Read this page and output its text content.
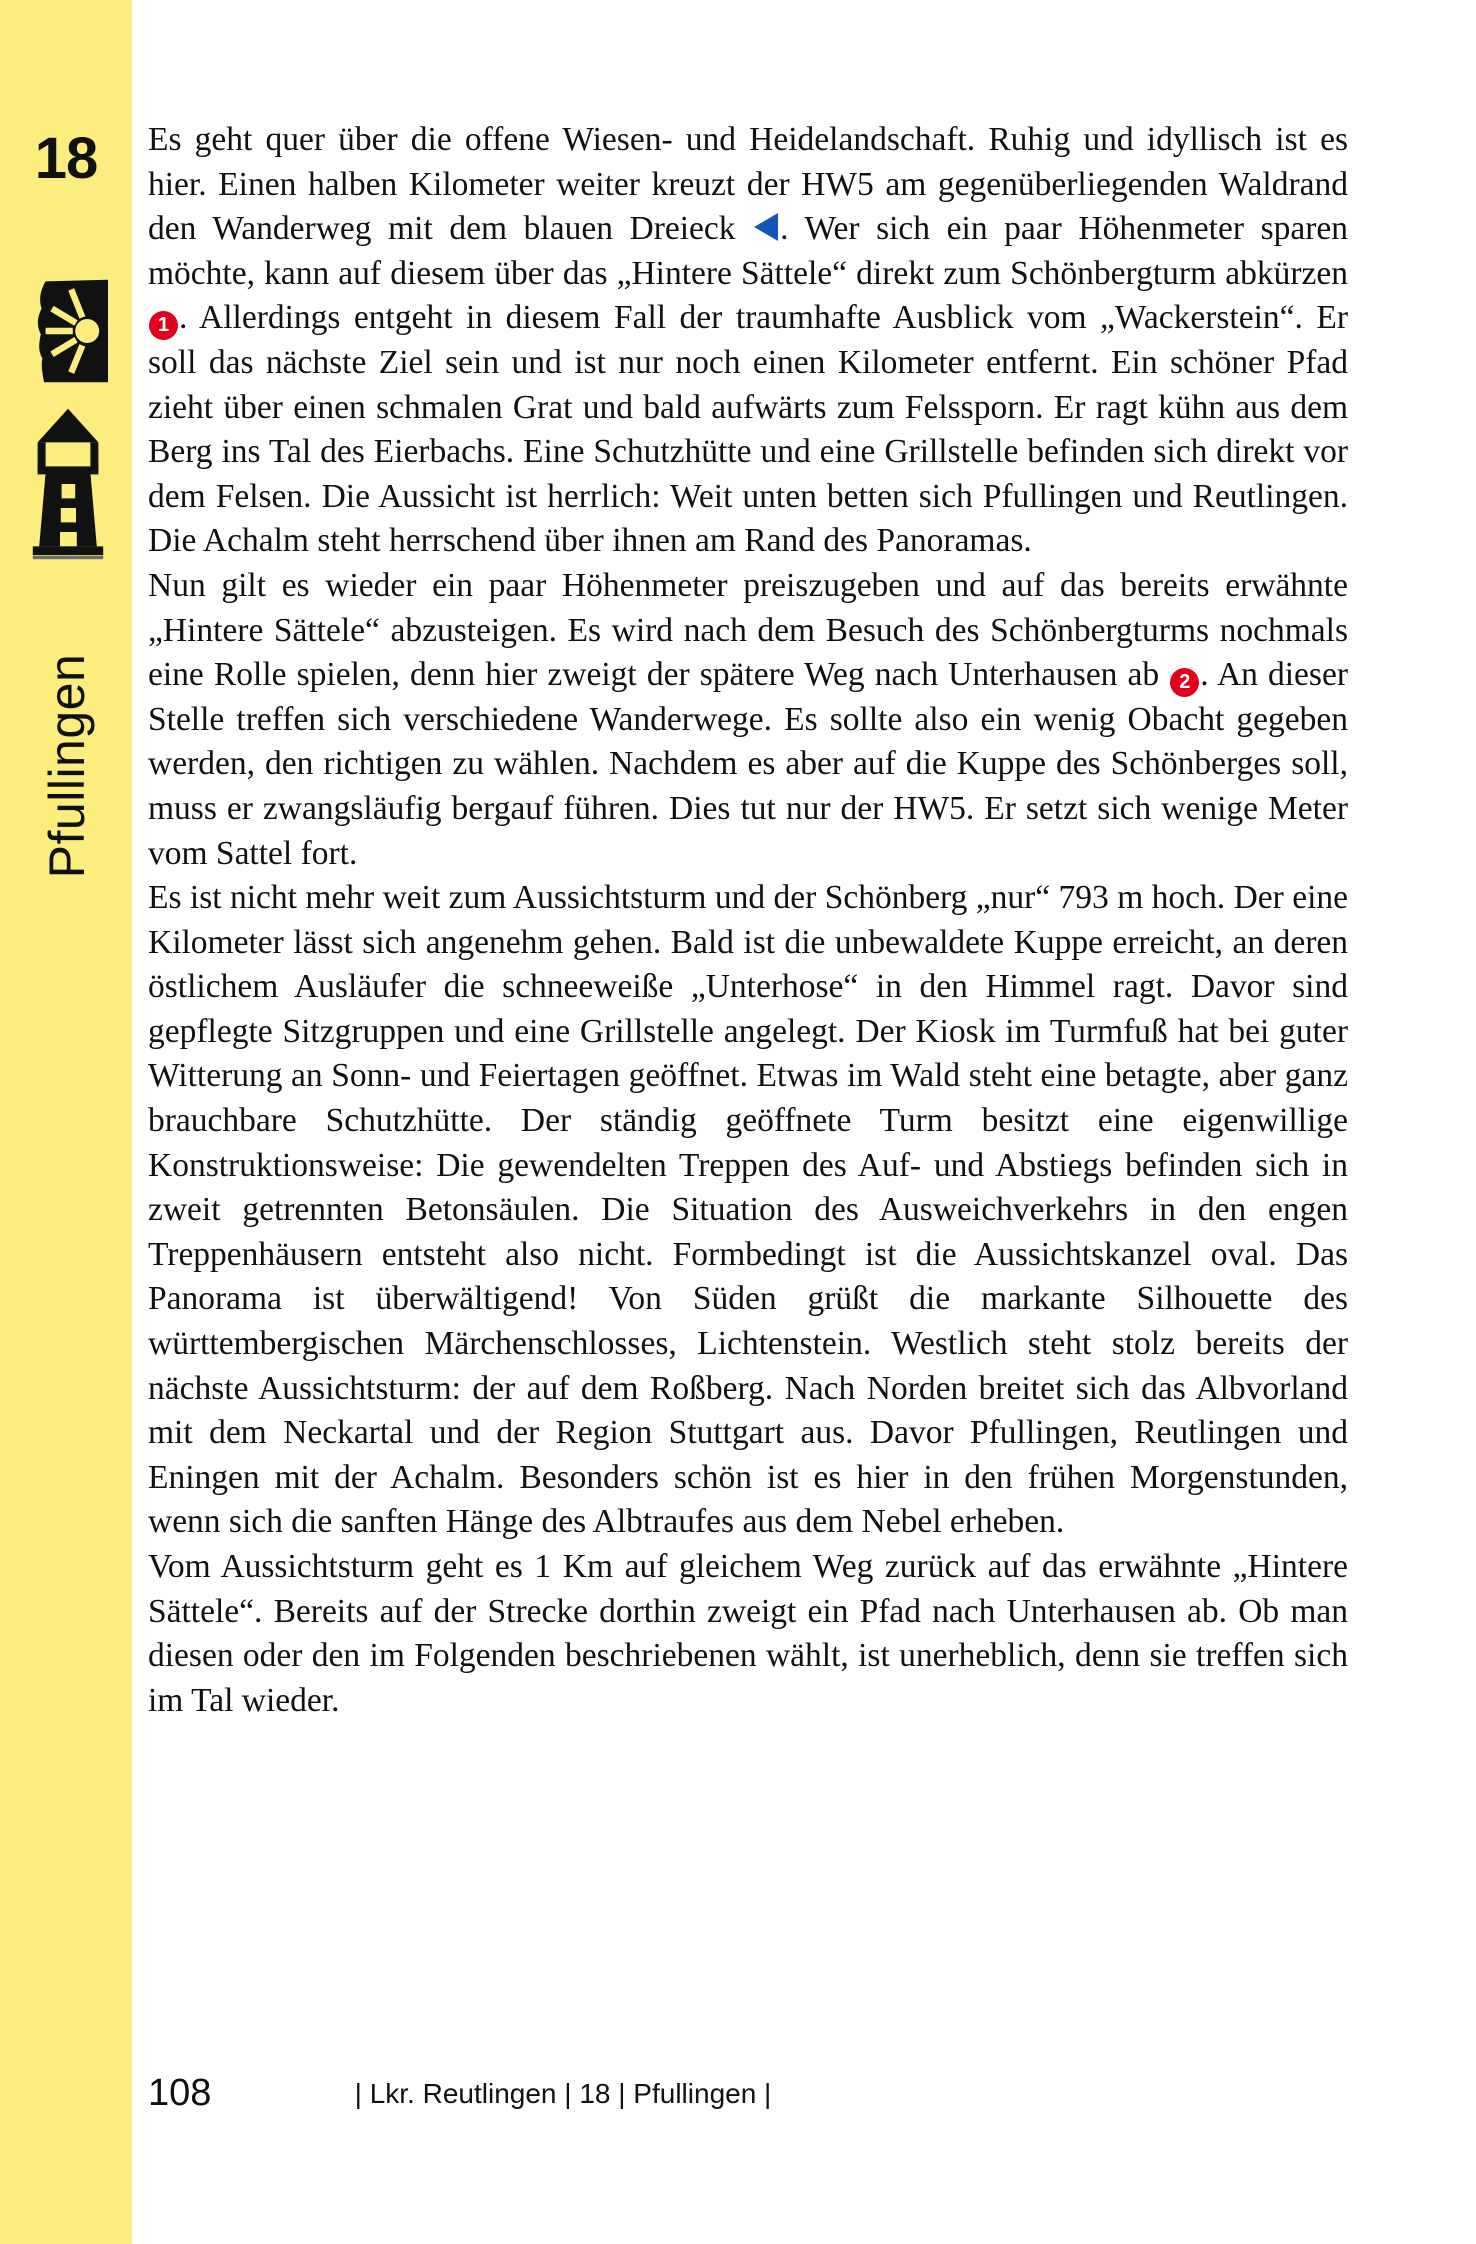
18
Pfullingen

Es geht quer über die offene Wiesen- und Heidelandschaft. Ruhig und idyllisch ist es hier. Einen halben Kilometer weiter kreuzt der HW5 am gegenüberliegenden Waldrand den Wanderweg mit dem blauen Dreieck . Wer sich ein paar Höhenmeter sparen möchte, kann auf diesem über das „Hintere Sättele“ direkt zum Schönbergturm abkürzen 1 . Allerdings entgeht in diesem Fall der traumhafte Ausblick vom „Wackerstein“. Er soll das nächste Ziel sein und ist nur noch einen Kilometer entfernt. Ein schöner Pfad zieht über einen schmalen Grat und bald aufwärts zum Felssporn. Er ragt kühn aus dem Berg ins Tal des Eierbachs. Eine Schutzhütte und eine Grillstelle befinden sich direkt vor dem Felsen. Die Aussicht ist herrlich: Weit unten betten sich Pfullingen und Reutlingen. Die Achalm steht herrschend über ihnen am Rand des Panoramas.

Nun gilt es wieder ein paar Höhenmeter preiszugeben und auf das bereits erwähnte „Hintere Sättele“ abzusteigen. Es wird nach dem Besuch des Schönbergturms nochmals eine Rolle spielen, denn hier zweigt der spätere Weg nach Unterhausen ab 2 . An dieser Stelle treffen sich verschiedene Wanderwege. Es sollte also ein wenig Obacht gegeben werden, den richtigen zu wählen. Nachdem es aber auf die Kuppe des Schönberges soll, muss er zwangsläufig bergauf führen. Dies tut nur der HW5. Er setzt sich wenige Meter vom Sattel fort.

Es ist nicht mehr weit zum Aussichtsturm und der Schönberg „nur“ 793 m hoch. Der eine Kilometer lässt sich angenehm gehen. Bald ist die unbewaldete Kuppe erreicht, an deren östlichem Ausläufer die schneeweiße „Unterhose“ in den Himmel ragt. Davor sind gepflegte Sitzgruppen und eine Grillstelle angelegt. Der Kiosk im Turmfuß hat bei guter Witterung an Sonn- und Feiertagen geöffnet. Etwas im Wald steht eine betagte, aber ganz brauchbare Schutzhütte. Der ständig geöffnete Turm besitzt eine eigenwillige Konstruktionsweise: Die gewendelten Treppen des Auf- und Abstiegs befinden sich in zweit getrennten Betonsäulen. Die Situation des Ausweichverkehrs in den engen Treppenhäusern entsteht also nicht. Formbedingt ist die Aussichtskanzel oval. Das Panorama ist überwältigend! Von Süden grüßt die markante Silhouette des württembergischen Märchenschlosses, Lichtenstein. Westlich steht stolz bereits der nächste Aussichtsturm: der auf dem Roßberg. Nach Norden breitet sich das Albvorland mit dem Neckartal und der Region Stuttgart aus. Davor Pfullingen, Reutlingen und Eningen mit der Achalm. Besonders schön ist es hier in den frühen Morgenstunden, wenn sich die sanften Hänge des Albtraufes aus dem Nebel erheben.

Vom Aussichtsturm geht es 1 Km auf gleichem Weg zurück auf das erwähnte „Hintere Sättele“. Bereits auf der Strecke dorthin zweigt ein Pfad nach Unterhausen ab. Ob man diesen oder den im Folgenden beschriebenen wählt, ist unerheblich, denn sie treffen sich im Tal wieder.

108	| Lkr. Reutlingen | 18 | Pfullingen |
